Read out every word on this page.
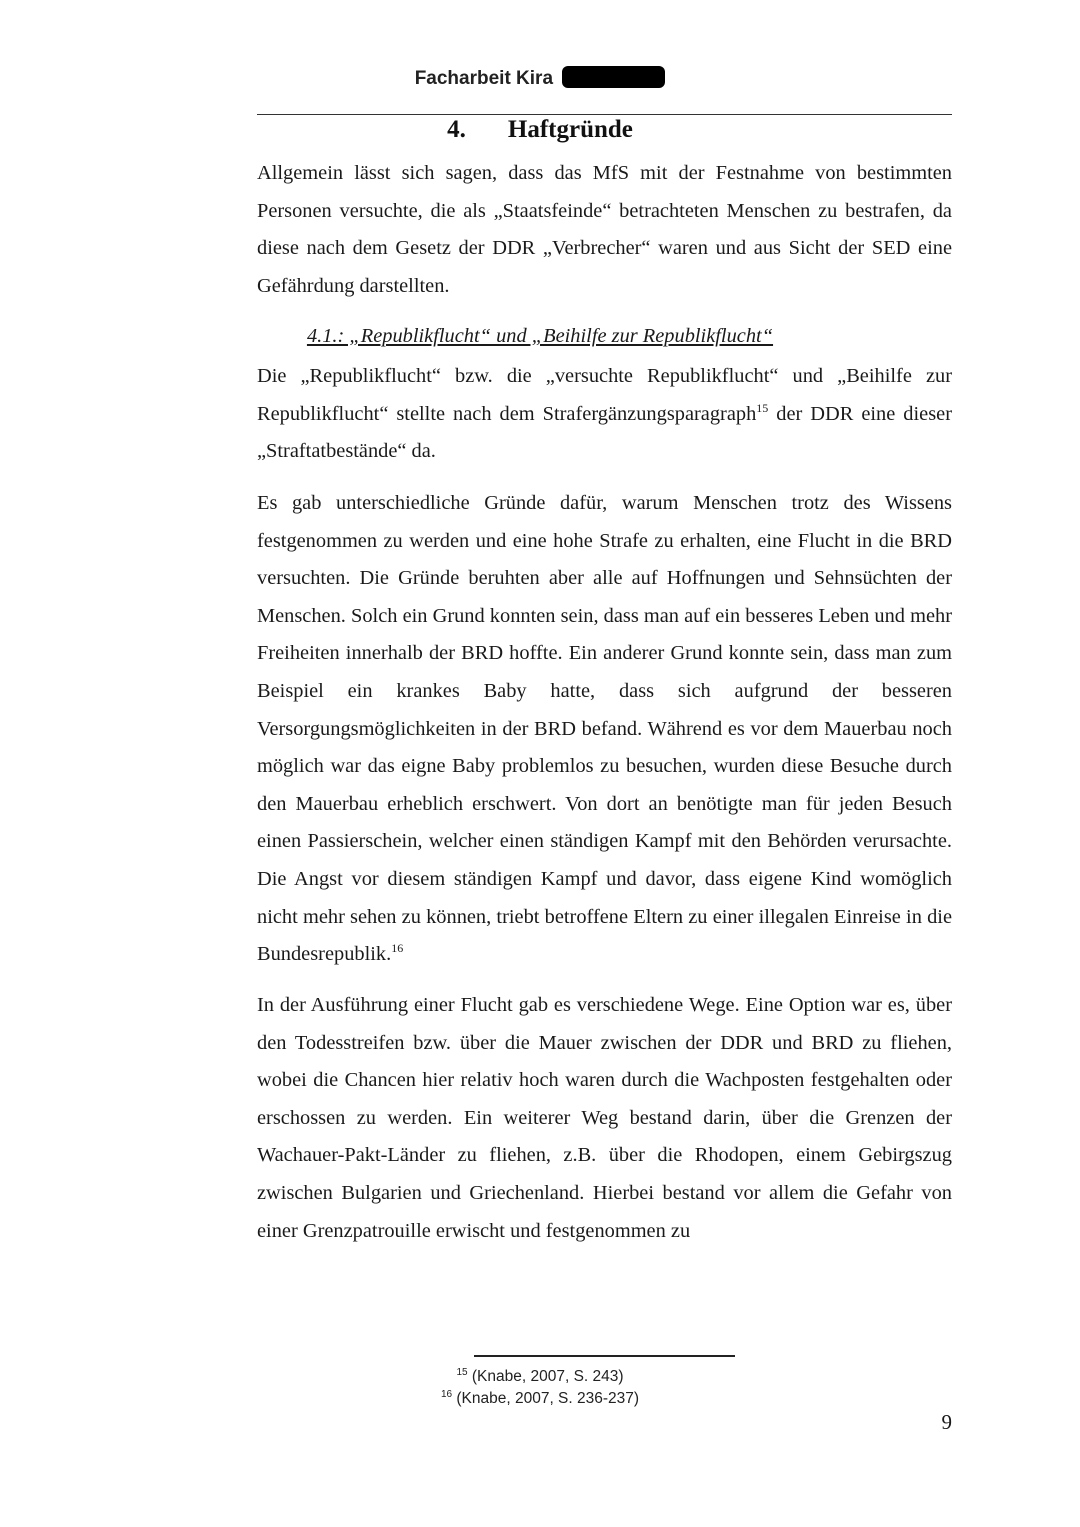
Facharbeit Kira
4. Haftgründe

Allgemein lässt sich sagen, dass das MfS mit der Festnahme von bestimmten Personen versuchte, die als „Staatsfeinde“ betrachteten Menschen zu bestrafen, da diese nach dem Gesetz der DDR „Verbrecher“ waren und aus Sicht der SED eine Gefährdung darstellten.

4.1.: „Republikflucht“ und „Beihilfe zur Republikflucht“

Die „Republikflucht“ bzw. die „versuchte Republikflucht“ und „Beihilfe zur Republikflucht“ stellte nach dem Strafergänzungsparagraph$^{15}$ der DDR eine dieser „Straftatbestände“ da.

Es gab unterschiedliche Gründe dafür, warum Menschen trotz des Wissens festgenommen zu werden und eine hohe Strafe zu erhalten, eine Flucht in die BRD versuchten. Die Gründe beruhten aber alle auf Hoffnungen und Sehnsüchten der Menschen. Solch ein Grund konnten sein, dass man auf ein besseres Leben und mehr Freiheiten innerhalb der BRD hoffte. Ein anderer Grund konnte sein, dass man zum Beispiel ein krankes Baby hatte, dass sich aufgrund der besseren Versorgungsmöglichkeiten in der BRD befand. Während es vor dem Mauerbau noch möglich war das eigne Baby problemlos zu besuchen, wurden diese Besuche durch den Mauerbau erheblich erschwert. Von dort an benötigte man für jeden Besuch einen Passierschein, welcher einen ständigen Kampf mit den Behörden verursachte. Die Angst vor diesem ständigen Kampf und davor, dass eigene Kind womöglich nicht mehr sehen zu können, triebt betroffene Eltern zu einer illegalen Einreise in die Bundesrepublik.$^{16}$

In der Ausführung einer Flucht gab es verschiedene Wege. Eine Option war es, über den Todesstreifen bzw. über die Mauer zwischen der DDR und BRD zu fliehen, wobei die Chancen hier relativ hoch waren durch die Wachposten festgehalten oder erschossen zu werden. Ein weiterer Weg bestand darin, über die Grenzen der Wachauer-Pakt-Länder zu fliehen, z.B. über die Rhodopen, einem Gebirgszug zwischen Bulgarien und Griechenland. Hierbei bestand vor allem die Gefahr von einer Grenzpatrouille erwischt und festgenommen zu

$^{15}$ (Knabe, 2007, S. 243)
$^{16}$ (Knabe, 2007, S. 236-237)
9
